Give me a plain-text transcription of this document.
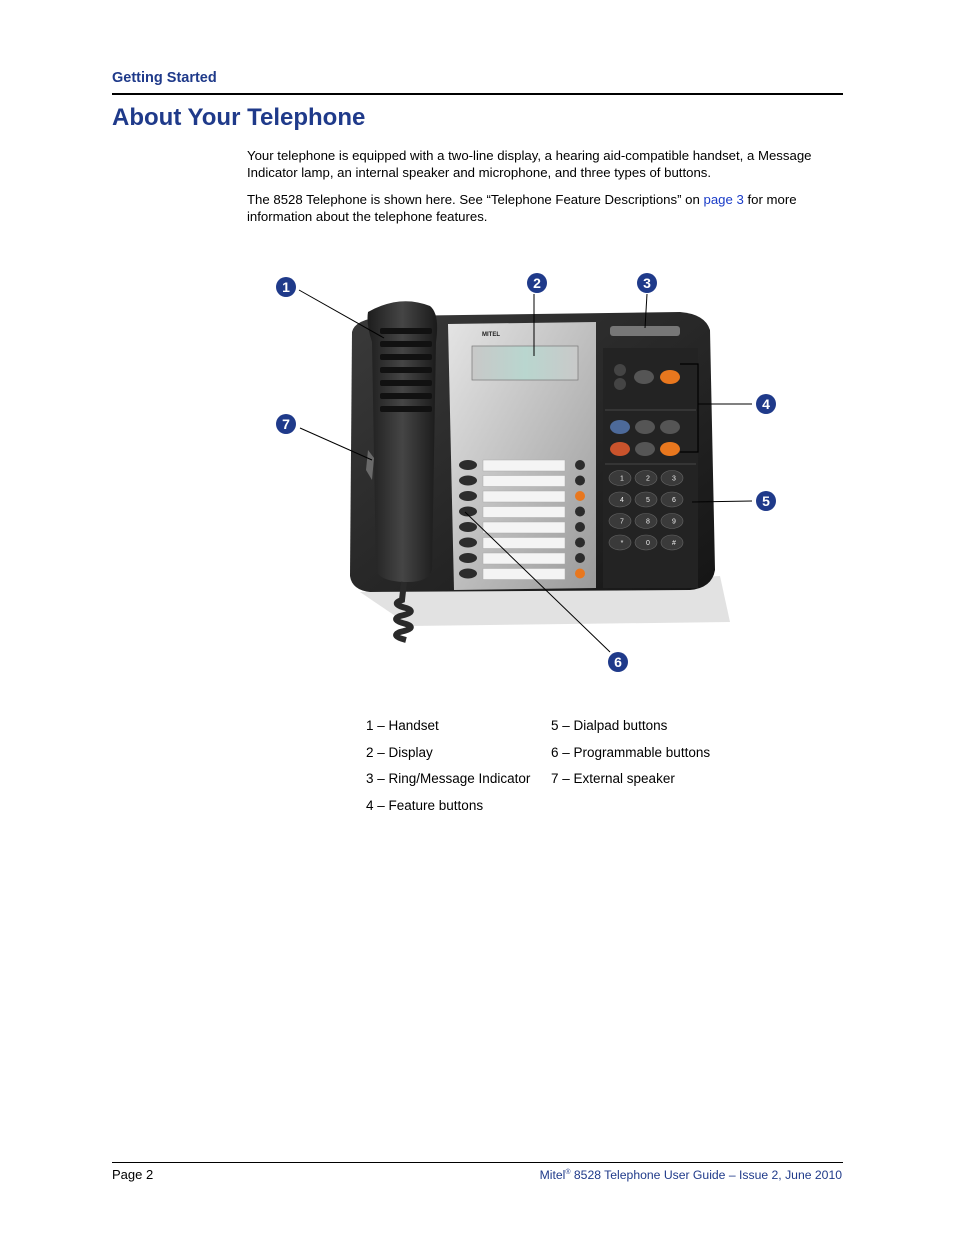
Getting Started
About Your Telephone

Your telephone is equipped with a two-line display, a hearing aid-compatible handset, a Message Indicator lamp, an internal speaker and microphone, and three types of buttons.

The 8528 Telephone is shown here. See “Telephone Feature Descriptions” on page 3 for more information about the telephone features.

MITEL
1	2	3
4	5	6
7	8	9
*	0	#
1	2	3
4
5
6
7
1 – Handset	5 – Dialpad buttons
2 – Display	6 – Programmable buttons
3 – Ring/Message Indicator	7 – External speaker
4 – Feature buttons
Page 2	Mitel® 8528 Telephone User Guide – Issue 2, June 2010
